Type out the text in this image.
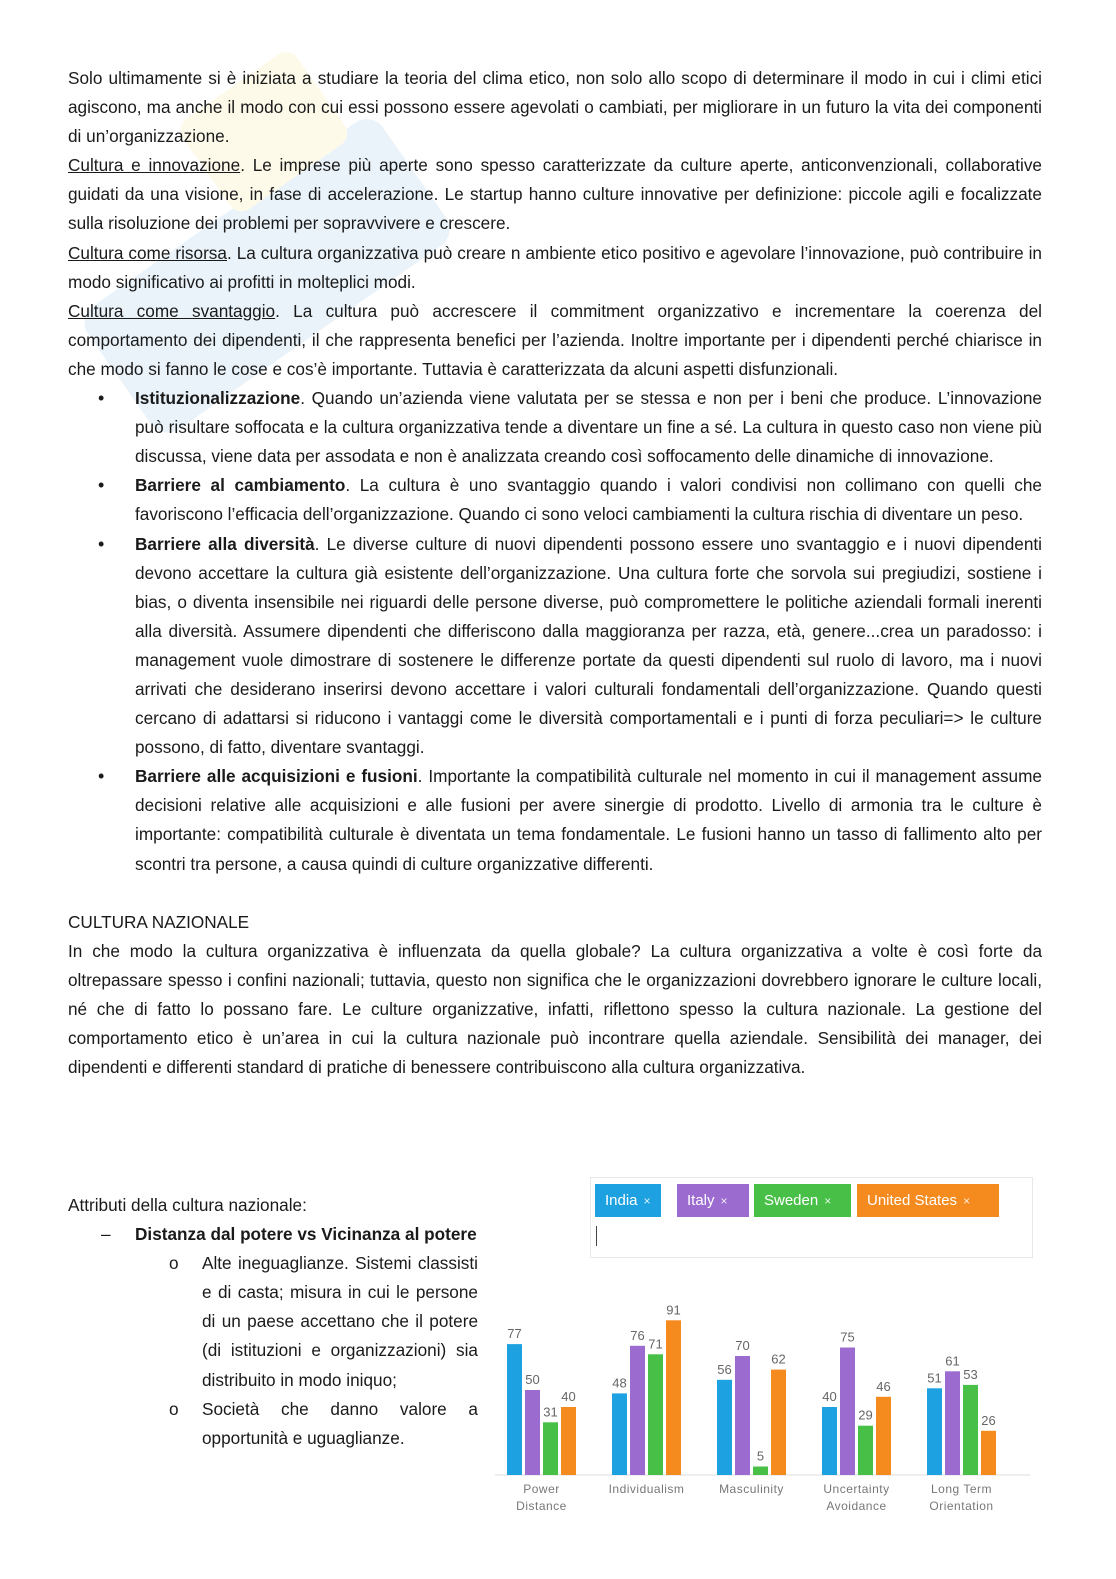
Solo ultimamente si è iniziata a studiare la teoria del clima etico, non solo allo scopo di determinare il modo in cui i climi etici agiscono, ma anche il modo con cui essi possono essere agevolati o cambiati, per migliorare in un futuro la vita dei componenti di un’organizzazione.

Cultura e innovazione. Le imprese più aperte sono spesso caratterizzate da culture aperte, anticonvenzionali, collaborative guidati da una visione, in fase di accelerazione. Le startup hanno culture innovative per definizione: piccole agili e focalizzate sulla risoluzione dei problemi per sopravvivere e crescere.

Cultura come risorsa. La cultura organizzativa può creare n ambiente etico positivo e agevolare l’innovazione, può contribuire in modo significativo ai profitti in molteplici modi.

Cultura come svantaggio. La cultura può accrescere il commitment organizzativo e incrementare la coerenza del comportamento dei dipendenti, il che rappresenta benefici per l’azienda. Inoltre importante per i dipendenti perché chiarisce in che modo si fanno le cose e cos’è importante. Tuttavia è caratterizzata da alcuni aspetti disfunzionali.

• Istituzionalizzazione. Quando un’azienda viene valutata per se stessa e non per i beni che produce. L’innovazione può risultare soffocata e la cultura organizzativa tende a diventare un fine a sé. La cultura in questo caso non viene più discussa, viene data per assodata e non è analizzata creando così soffocamento delle dinamiche di innovazione.
• Barriere al cambiamento. La cultura è uno svantaggio quando i valori condivisi non collimano con quelli che favoriscono l’efficacia dell’organizzazione. Quando ci sono veloci cambiamenti la cultura rischia di diventare un peso.
• Barriere alla diversità. Le diverse culture di nuovi dipendenti possono essere uno svantaggio e i nuovi dipendenti devono accettare la cultura già esistente dell’organizzazione. Una cultura forte che sorvola sui pregiudizi, sostiene i bias, o diventa insensibile nei riguardi delle persone diverse, può compromettere le politiche aziendali formali inerenti alla diversità. Assumere dipendenti che differiscono dalla maggioranza per razza, età, genere...crea un paradosso: i management vuole dimostrare di sostenere le differenze portate da questi dipendenti sul ruolo di lavoro, ma i nuovi arrivati che desiderano inserirsi devono accettare i valori culturali fondamentali dell’organizzazione. Quando questi cercano di adattarsi si riducono i vantaggi come le diversità comportamentali e i punti di forza peculiari=> le culture possono, di fatto, diventare svantaggi.
• Barriere alle acquisizioni e fusioni. Importante la compatibilità culturale nel momento in cui il management assume decisioni relative alle acquisizioni e alle fusioni per avere sinergie di prodotto. Livello di armonia tra le culture è importante: compatibilità culturale è diventata un tema fondamentale. Le fusioni hanno un tasso di fallimento alto per scontri tra persone, a causa quindi di culture organizzative differenti.

CULTURA NAZIONALE

In che modo la cultura organizzativa è influenzata da quella globale? La cultura organizzativa a volte è così forte da oltrepassare spesso i confini nazionali; tuttavia, questo non significa che le organizzazioni dovrebbero ignorare le culture locali, né che di fatto lo possano fare. Le culture organizzative, infatti, riflettono spesso la cultura nazionale. La gestione del comportamento etico è un’area in cui la cultura nazionale può incontrare quella aziendale. Sensibilità dei manager, dei dipendenti e differenti standard di pratiche di benessere contribuiscono alla cultura organizzativa.

Attributi della cultura nazionale:

– Distanza dal potere vs Vicinanza al potere
o Alte ineguaglianze. Sistemi classisti e di casta; misura in cui le persone di un paese accettano che il potere (di istituzioni e organizzazioni) sia distribuito in modo iniquo;
o Società che danno valore a opportunità e uguaglianze.
India ×	Italy ×	Sweden ×	United States ×
77
50
31
40
Power
Distance
48
76
71
91
Individualism
56
70
5
62
Masculinity
40
75
29
46
Uncertainty
Avoidance
51
61
53
26
Long Term
Orientation
